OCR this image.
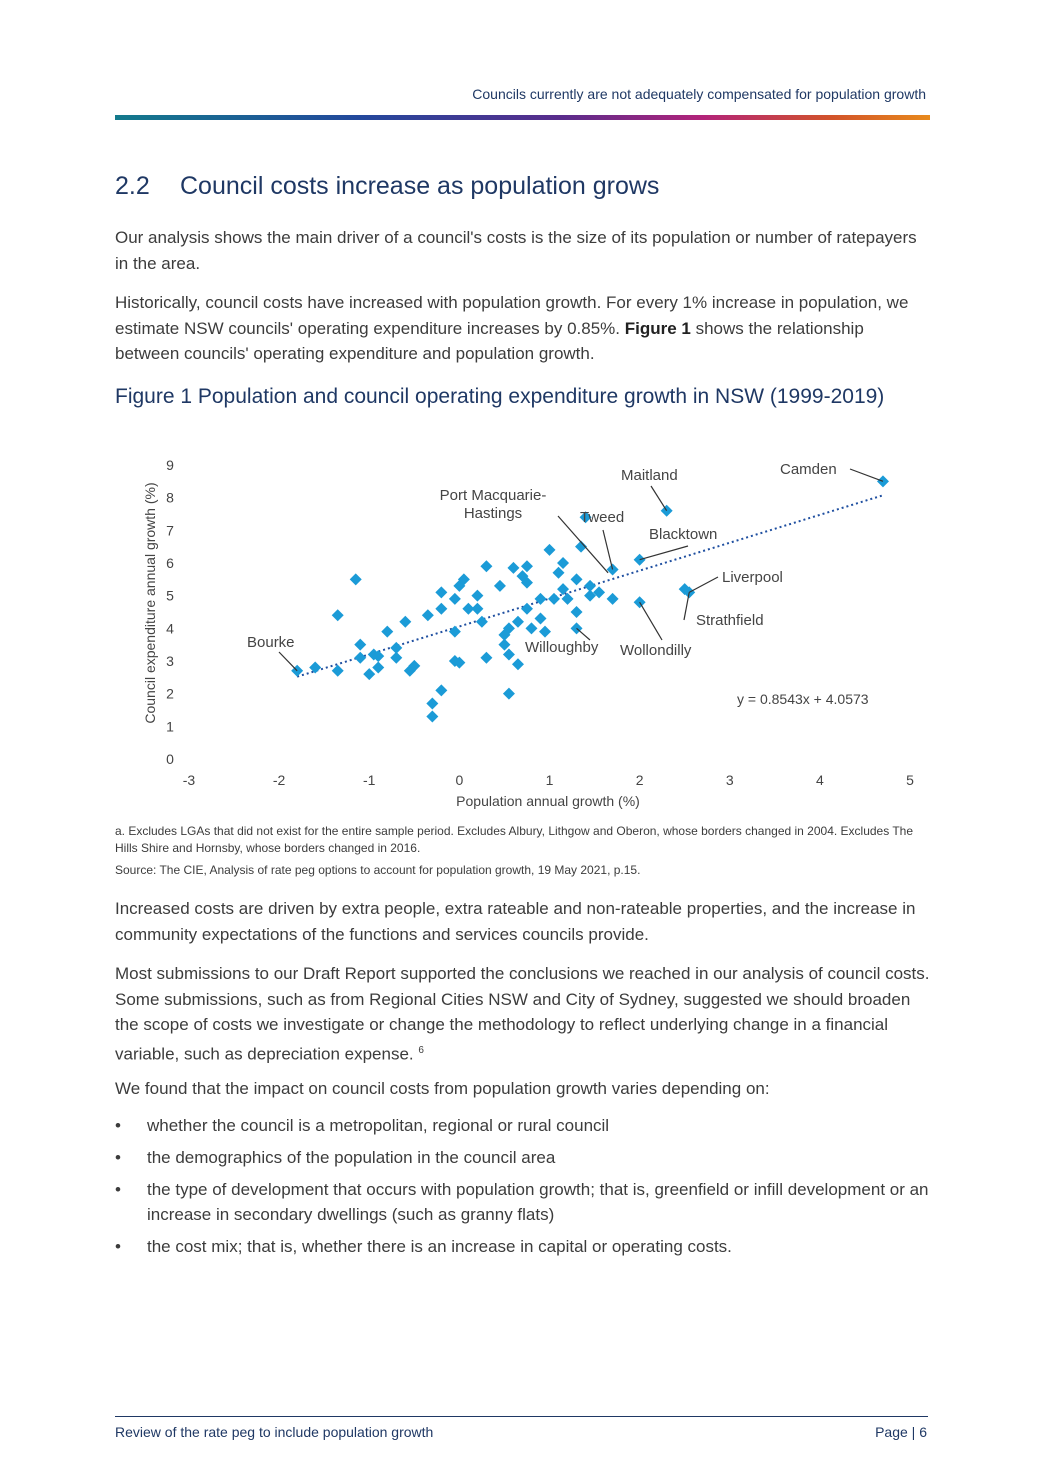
Councils currently are not adequately compensated for population growth
2.2 Council costs increase as population grows

Our analysis shows the main driver of a council's costs is the size of its population or number of ratepayers in the area.

Historically, council costs have increased with population growth. For every 1% increase in population, we estimate NSW councils' operating expenditure increases by 0.85%. Figure 1 shows the relationship between councils' operating expenditure and population growth.

Figure 1 Population and council operating expenditure growth in NSW (1999-2019)
0
1
2
3
4
5
6
7
8
9
-3	-2	-1	0	1	2	3	4	5
Council expenditure annual growth (%)
Population annual growth (%)
Bourke
Port Macquarie-Hastings	Tweed
Maitland
Blacktown
Camden
Liverpool
Strathfield
Willoughby Wollondilly
y = 0.8543x + 4.0573
a. Excludes LGAs that did not exist for the entire sample period. Excludes Albury, Lithgow and Oberon, whose borders changed in 2004. Excludes The Hills Shire and Hornsby, whose borders changed in 2016.
Source: The CIE, Analysis of rate peg options to account for population growth, 19 May 2021, p.15.

Increased costs are driven by extra people, extra rateable and non-rateable properties, and the increase in community expectations of the functions and services councils provide.

Most submissions to our Draft Report supported the conclusions we reached in our analysis of council costs. Some submissions, such as from Regional Cities NSW and City of Sydney, suggested we should broaden the scope of costs we investigate or change the methodology to reflect underlying change in a financial variable, such as depreciation expense. $^6$

We found that the impact on council costs from population growth varies depending on:

• whether the council is a metropolitan, regional or rural council
• the demographics of the population in the council area
• the type of development that occurs with population growth; that is, greenfield or infill development or an increase in secondary dwellings (such as granny flats)
• the cost mix; that is, whether there is an increase in capital or operating costs.
Review of the rate peg to include population growth	Page | 6
